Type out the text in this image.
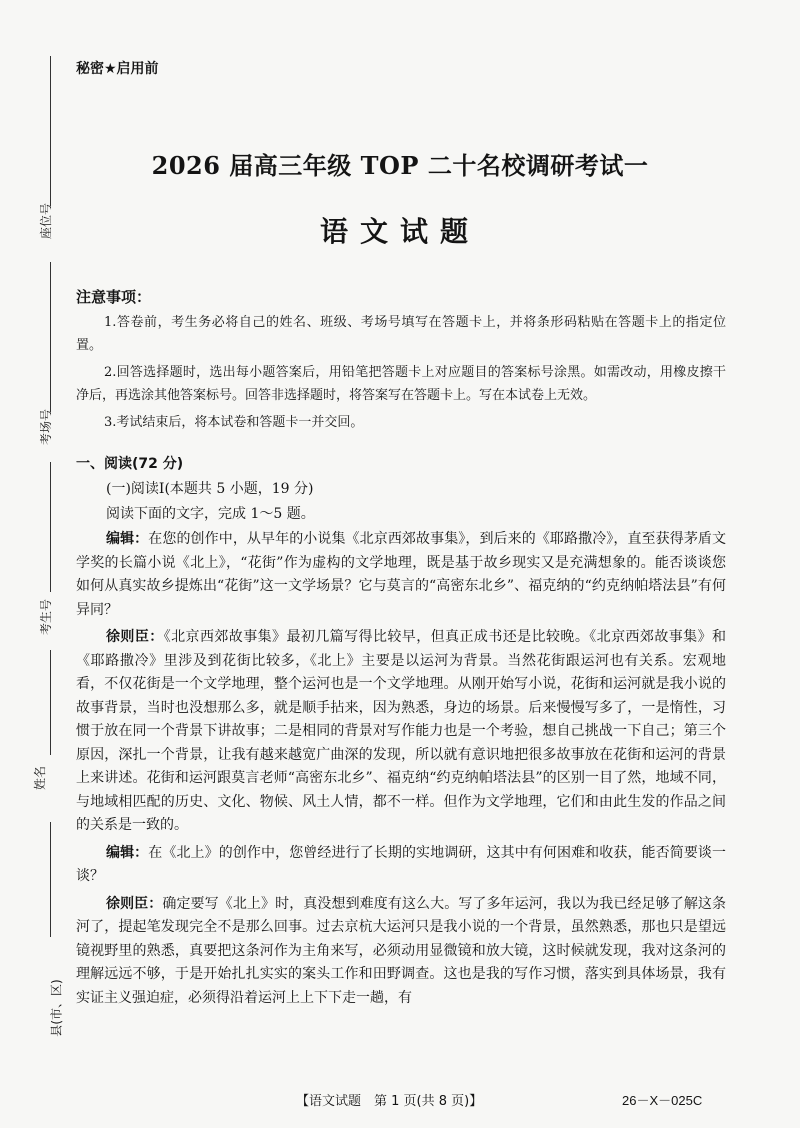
座位号
考场号
考生号
姓名
县(市、区)
秘密★启用前
2026 届高三年级 TOP 二十名校调研考试一
语文试题
注意事项：

1.答卷前，考生务必将自己的姓名、班级、考场号填写在答题卡上，并将条形码粘贴在答题卡上的指定位置。

2.回答选择题时，选出每小题答案后，用铅笔把答题卡上对应题目的答案标号涂黑。如需改动，用橡皮擦干净后，再选涂其他答案标号。回答非选择题时，将答案写在答题卡上。写在本试卷上无效。

3.考试结束后，将本试卷和答题卡一并交回。

一、阅读(72 分)
(一)阅读Ⅰ(本题共 5 小题，19 分)
阅读下面的文字，完成 1～5 题。

编辑：在您的创作中，从早年的小说集《北京西郊故事集》，到后来的《耶路撒冷》，直至获得茅盾文学奖的长篇小说《北上》，“花街”作为虚构的文学地理，既是基于故乡现实又是充满想象的。能否谈谈您如何从真实故乡提炼出“花街”这一文学场景？它与莫言的“高密东北乡”、福克纳的“约克纳帕塔法县”有何异同？

徐则臣：《北京西郊故事集》最初几篇写得比较早，但真正成书还是比较晚。《北京西郊故事集》和《耶路撒冷》里涉及到花街比较多，《北上》主要是以运河为背景。当然花街跟运河也有关系。宏观地看，不仅花街是一个文学地理，整个运河也是一个文学地理。从刚开始写小说，花街和运河就是我小说的故事背景，当时也没想那么多，就是顺手拈来，因为熟悉，身边的场景。后来慢慢写多了，一是惰性，习惯于放在同一个背景下讲故事；二是相同的背景对写作能力也是一个考验，想自己挑战一下自己；第三个原因，深扎一个背景，让我有越来越宽广曲深的发现，所以就有意识地把很多故事放在花街和运河的背景上来讲述。花街和运河跟莫言老师“高密东北乡”、福克纳“约克纳帕塔法县”的区别一目了然，地域不同，与地域相匹配的历史、文化、物候、风土人情，都不一样。但作为文学地理，它们和由此生发的作品之间的关系是一致的。

编辑：在《北上》的创作中，您曾经进行了长期的实地调研，这其中有何困难和收获，能否简要谈一谈？

徐则臣：确定要写《北上》时，真没想到难度有这么大。写了多年运河，我以为我已经足够了解这条河了，提起笔发现完全不是那么回事。过去京杭大运河只是我小说的一个背景，虽然熟悉，那也只是望远镜视野里的熟悉，真要把这条河作为主角来写，必须动用显微镜和放大镜，这时候就发现，我对这条河的理解远远不够，于是开始扎扎实实的案头工作和田野调查。这也是我的写作习惯，落实到具体场景，我有实证主义强迫症，必须得沿着运河上上下下走一趟，有

【语文试题　第 1 页(共 8 页)】	26－X－025C
